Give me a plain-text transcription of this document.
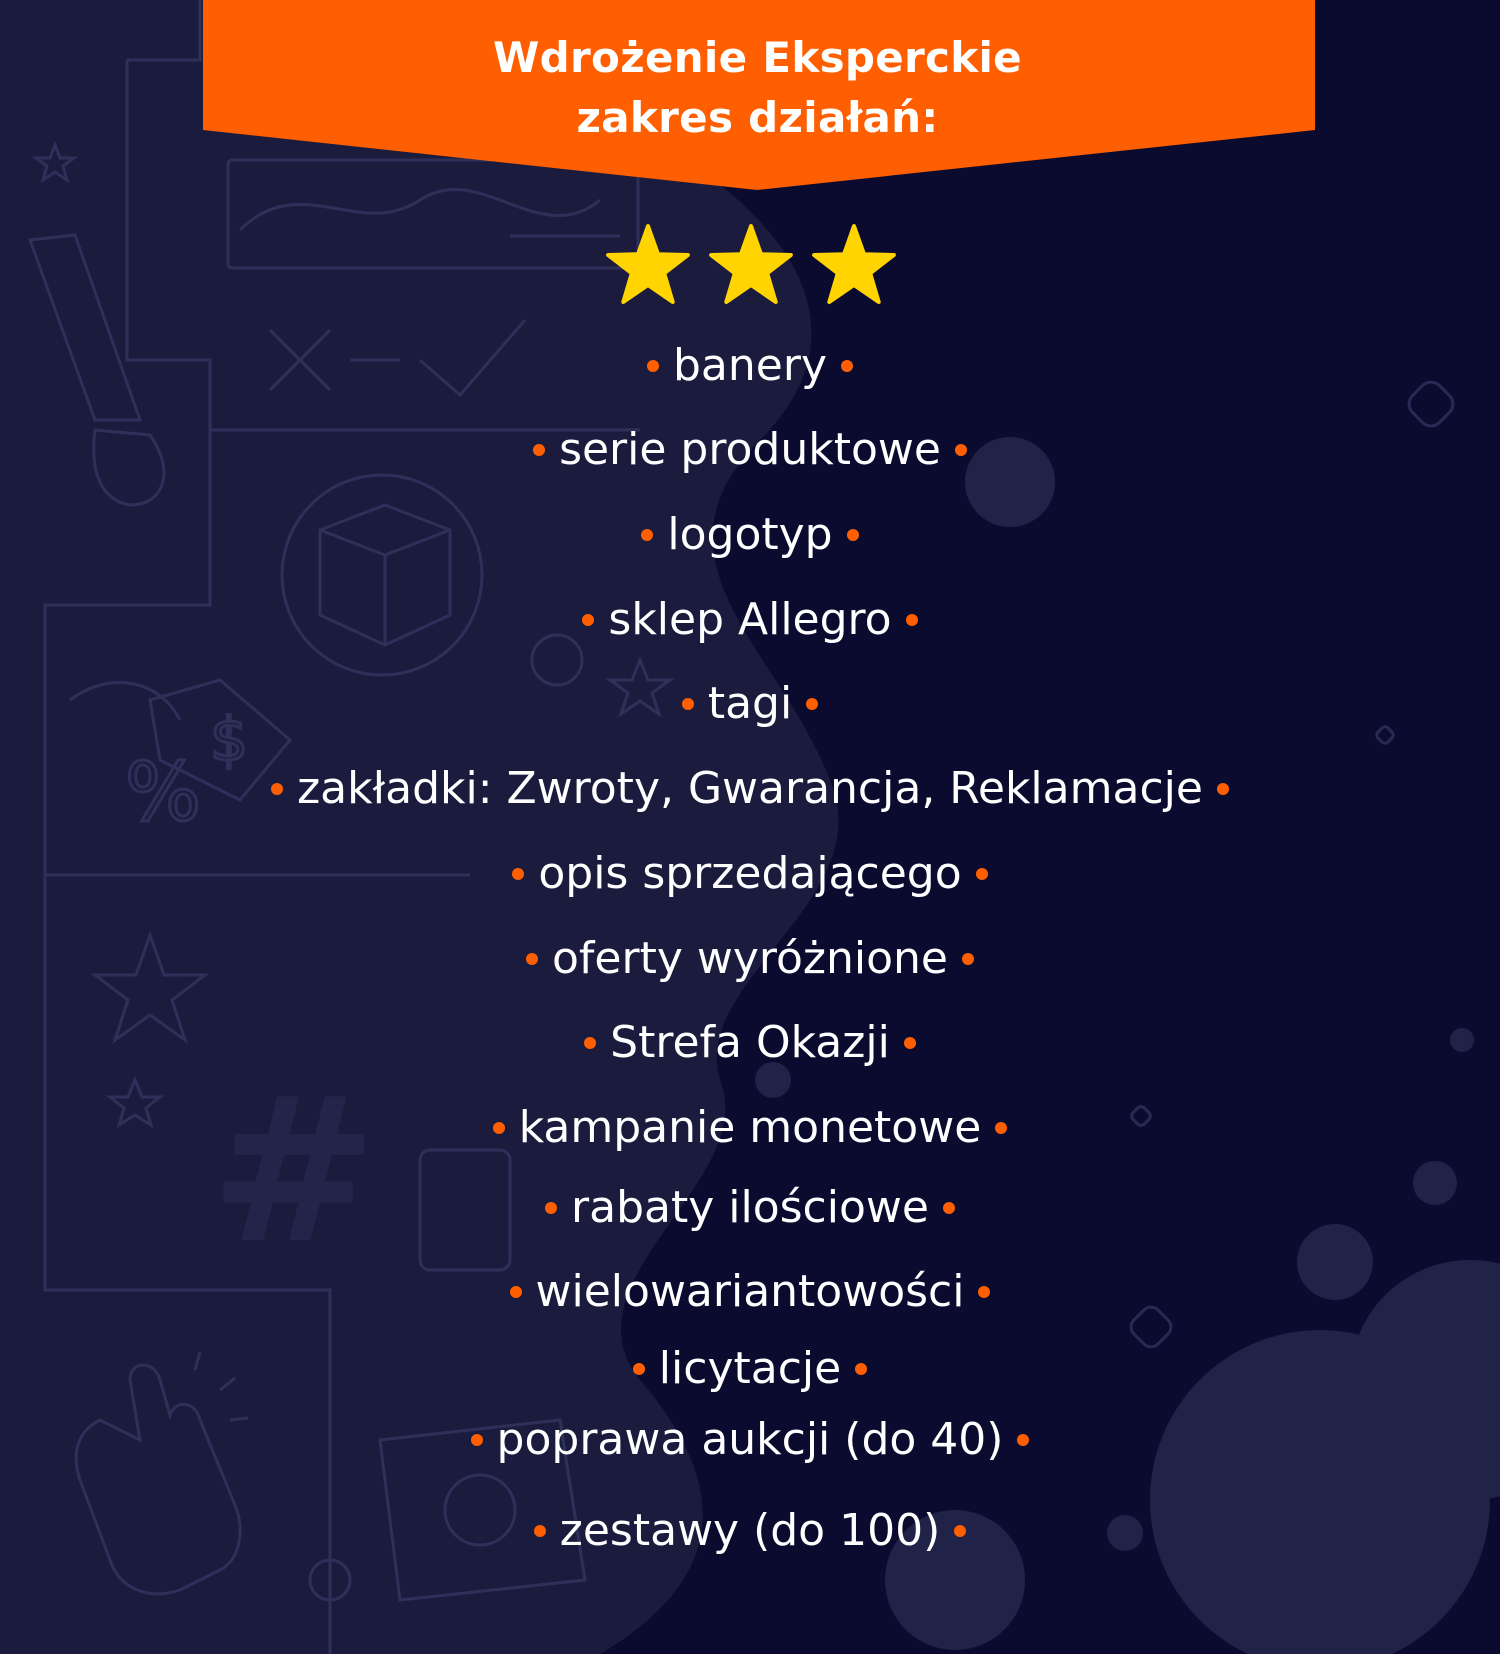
%
$
#
Wdrożenie Eksperckie
zakres działań:
banery
serie produktowe
logotyp
sklep Allegro
tagi
zakładki: Zwroty, Gwarancja, Reklamacje
opis sprzedającego
oferty wyróżnione
Strefa Okazji
kampanie monetowe
rabaty ilościowe
wielowariantowości
licytacje
poprawa aukcji (do 40)
zestawy (do 100)
